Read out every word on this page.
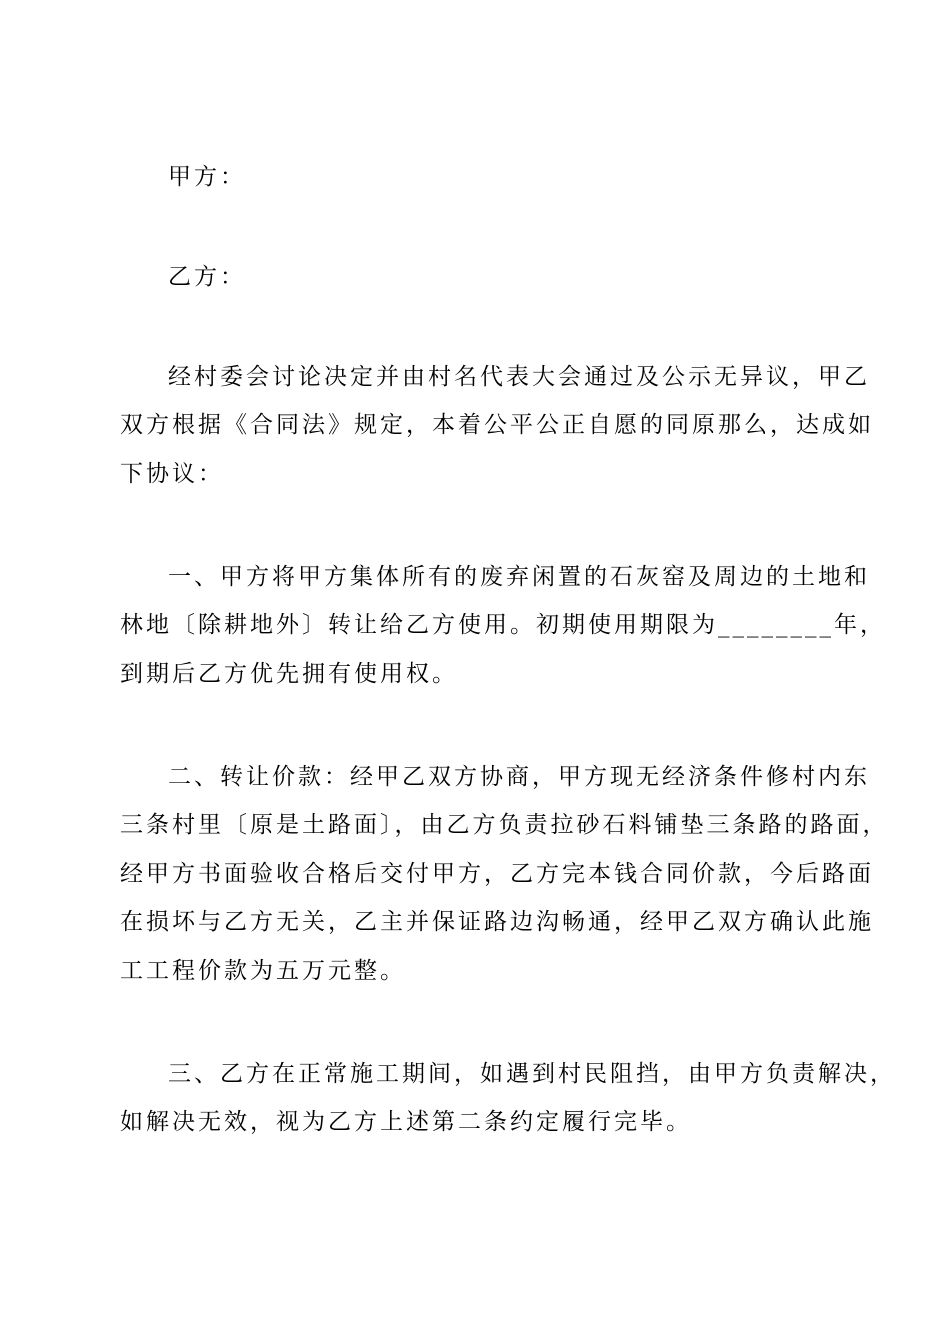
甲方：
乙方：
经村委会讨论决定并由村名代表大会通过及公示无异议，甲乙
双方根据《合同法》规定，本着公平公正自愿的同原那么，达成如
下协议：
一、甲方将甲方集体所有的废弃闲置的石灰窑及周边的土地和
林地〔除耕地外〕转让给乙方使用。初期使用期限为________年，
到期后乙方优先拥有使用权。
二、转让价款：经甲乙双方协商，甲方现无经济条件修村内东
三条村里〔原是土路面〕，由乙方负责拉砂石料铺垫三条路的路面，
经甲方书面验收合格后交付甲方，乙方完本钱合同价款，今后路面
在损坏与乙方无关，乙主并保证路边沟畅通，经甲乙双方确认此施
工工程价款为五万元整。
三、乙方在正常施工期间，如遇到村民阻挡，由甲方负责解决，
如解决无效，视为乙方上述第二条约定履行完毕。
